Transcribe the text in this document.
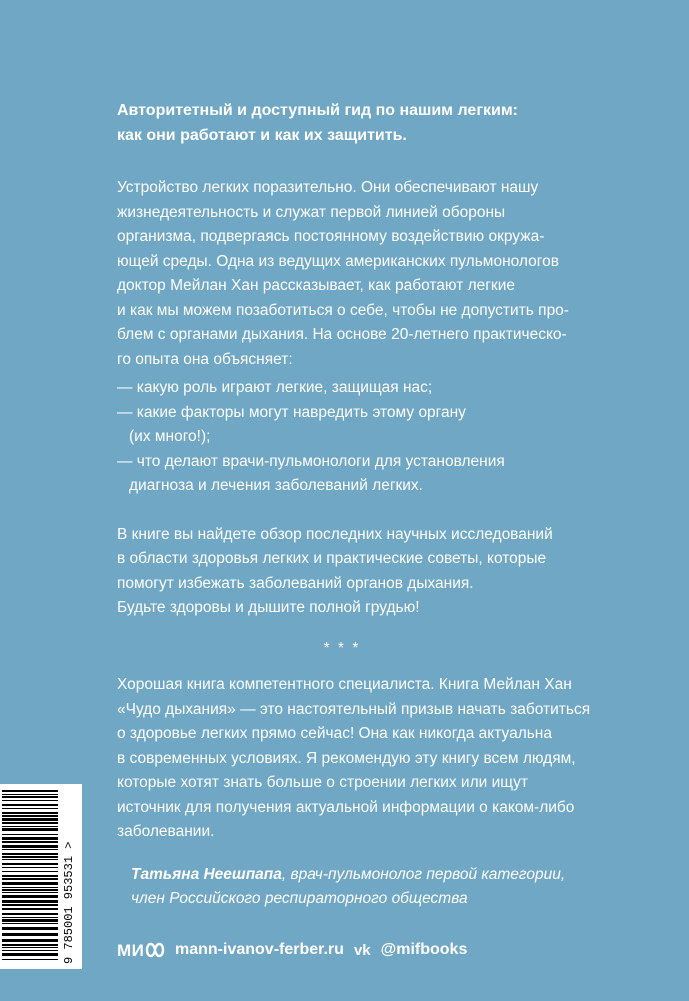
Авторитетный и доступный гид по нашим легким:
как они работают и как их защитить.

Устройство легких поразительно. Они обеспечивают нашу
жизнедеятельность и служат первой линией обороны
организма, подвергаясь постоянному воздействию окружа-
ющей среды. Одна из ведущих американских пульмонологов
доктор Мейлан Хан рассказывает, как работают легкие
и как мы можем позаботиться о себе, чтобы не допустить про-
блем с органами дыхания. На основе 20-летнего практическо-
го опыта она объясняет:

— какую роль играют легкие, защищая нас;
— какие факторы могут навредить этому органу
(их много!);
— что делают врачи-пульмонологи для установления
диагноза и лечения заболеваний легких.

В книге вы найдете обзор последних научных исследований
в области здоровья легких и практические советы, которые
помогут избежать заболеваний органов дыхания.
Будьте здоровы и дышите полной грудью!

* * *

Хорошая книга компетентного специалиста. Книга Мейлан Хан
«Чудо дыхания» — это настоятельный призыв начать заботиться
о здоровье легких прямо сейчас! Она как никогда актуальна
в современных условиях. Я рекомендую эту книгу всем людям,
которые хотят знать больше о строении легких или ищут
источник для получения актуальной информации о каком-либо
заболевании.

Татьяна Неешпапа, врач-пульмонолог первой категории,
член Российского респираторного общества
9 785001 953531 > МИ mann-ivanov-ferber.ru vk @mifbooks
